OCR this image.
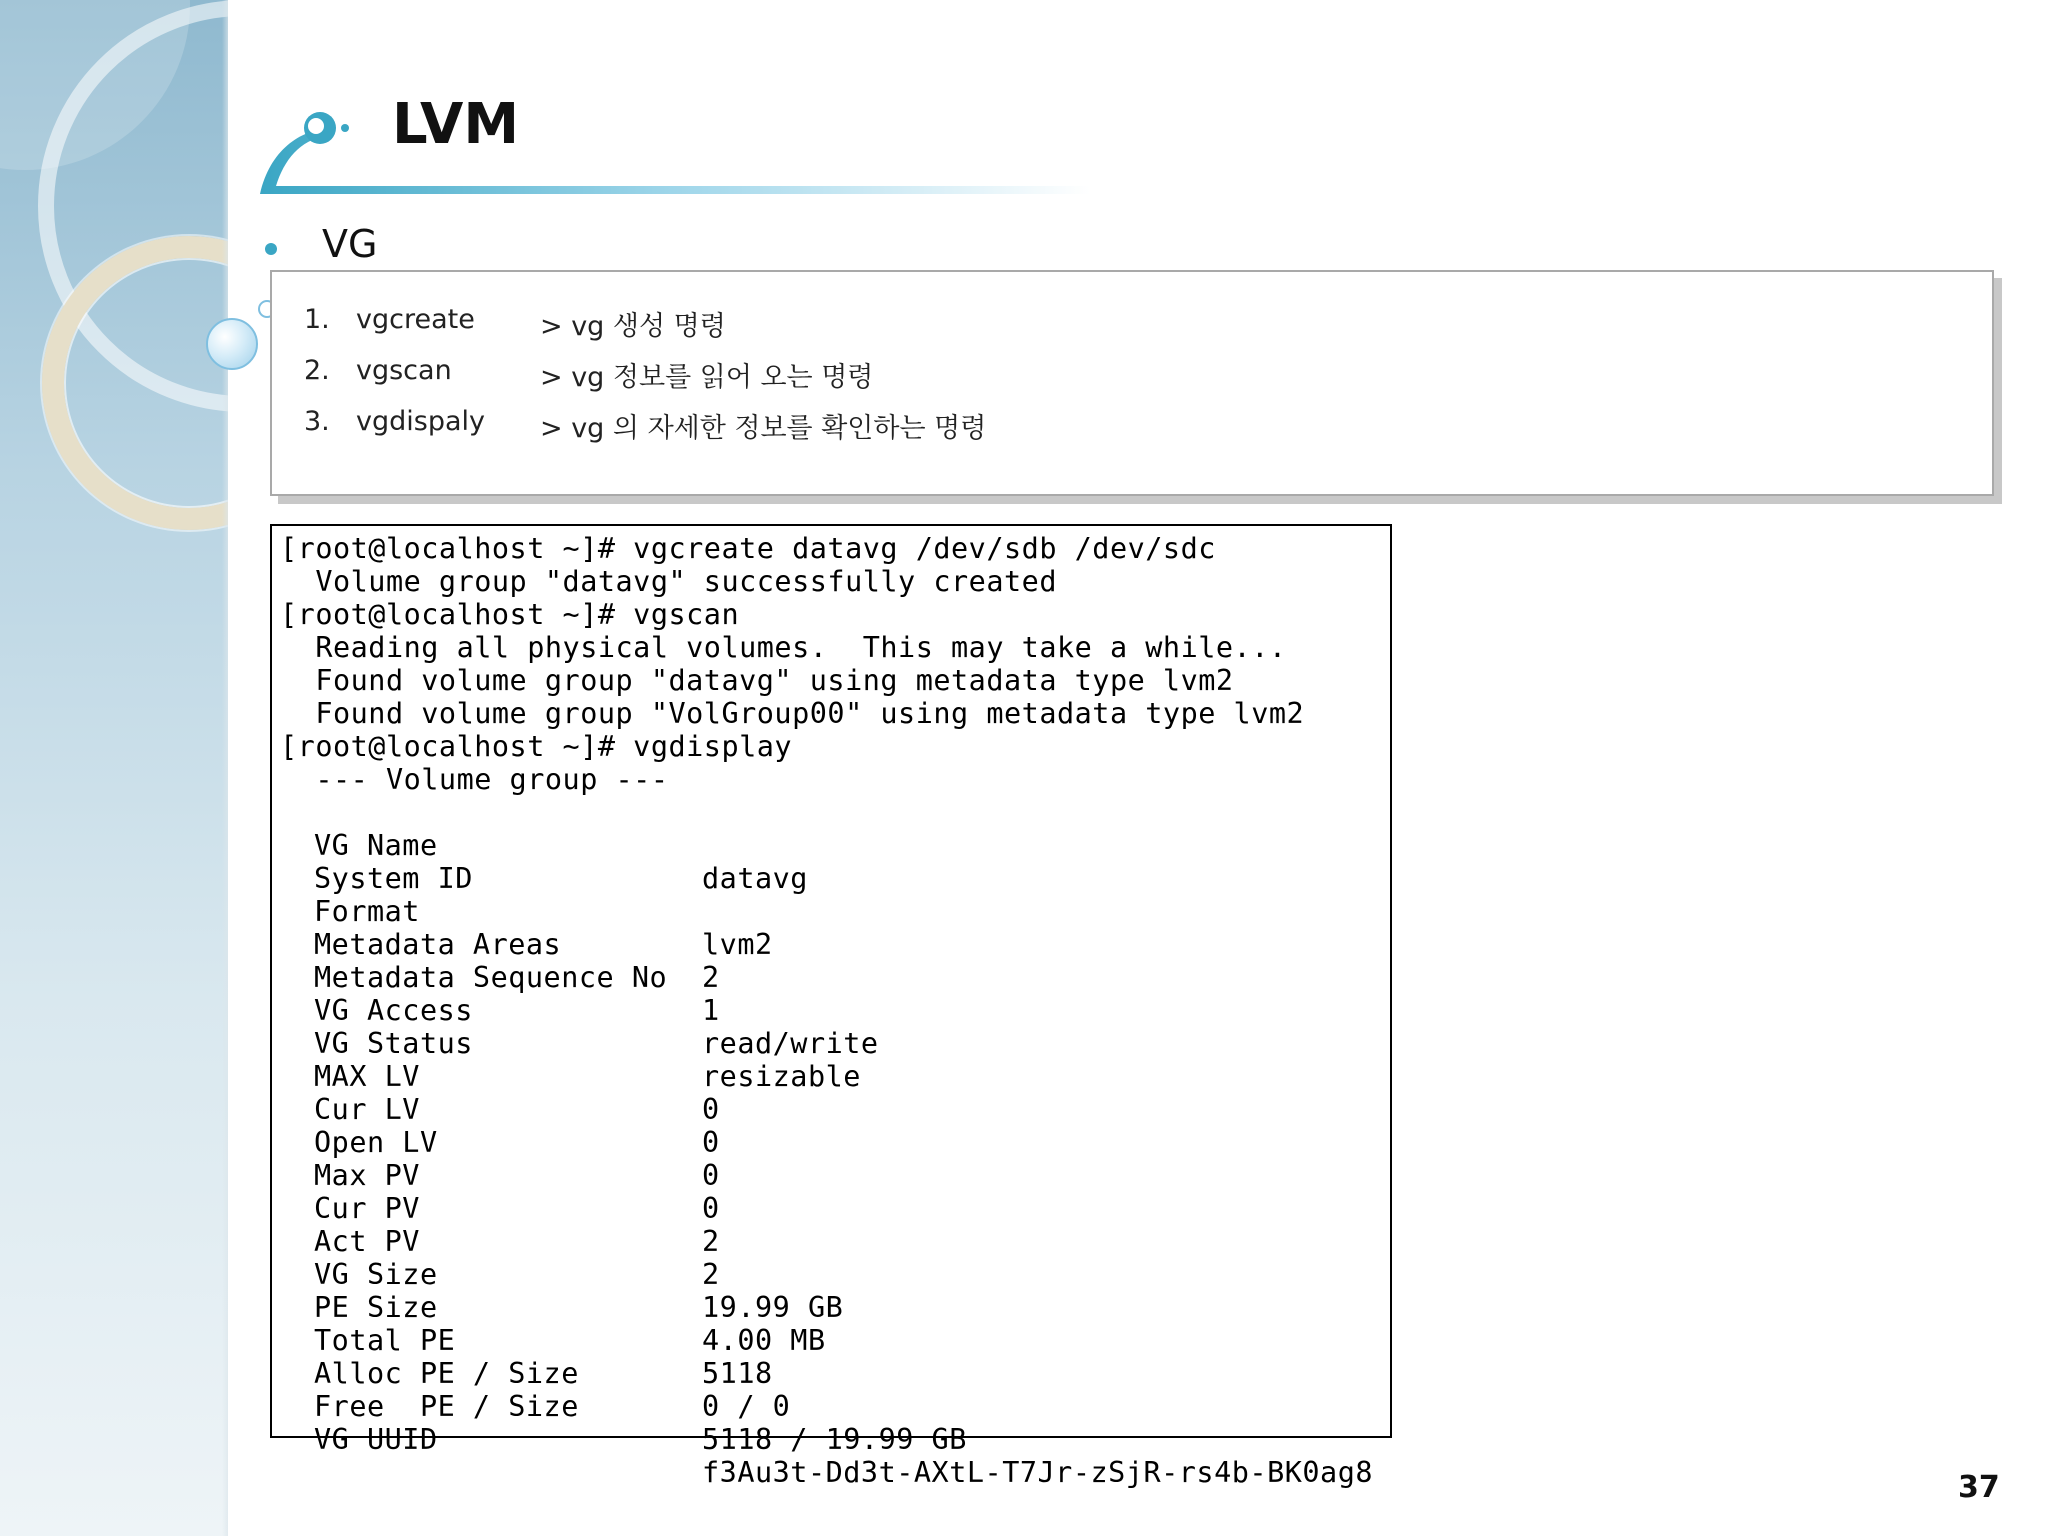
LVM
VG
1. vgcreate > vg 생성 명령
2. vgscan	> vg 정보를 읽어 오는 명령
3. vgdispaly > vg 의 자세한 정보를 확인하는 명령
[root@localhost ~]# vgcreate datavg /dev/sdb /dev/sdc
Volume group "datavg" successfully created
[root@localhost ~]# vgscan
Reading all physical volumes.  This may take a while...
Found volume group "datavg" using metadata type lvm2
Found volume group "VolGroup00" using metadata type lvm2
[root@localhost ~]# vgdisplay
--- Volume group ---

VG Name

datavg

System ID

Format

lvm2

Metadata Areas

2

Metadata Sequence No

1

VG Access

read/write

VG Status

resizable

MAX LV

0

Cur LV

0

Open LV

0

Max PV

0

Cur PV

2

Act PV

2

VG Size

19.99 GB

PE Size

4.00 MB

Total PE

5118

Alloc PE / Size

0 / 0

Free  PE / Size

5118 / 19.99 GB

VG UUID

f3Au3t-Dd3t-AXtL-T7Jr-zSjR-rs4b-BK0ag8

	37
